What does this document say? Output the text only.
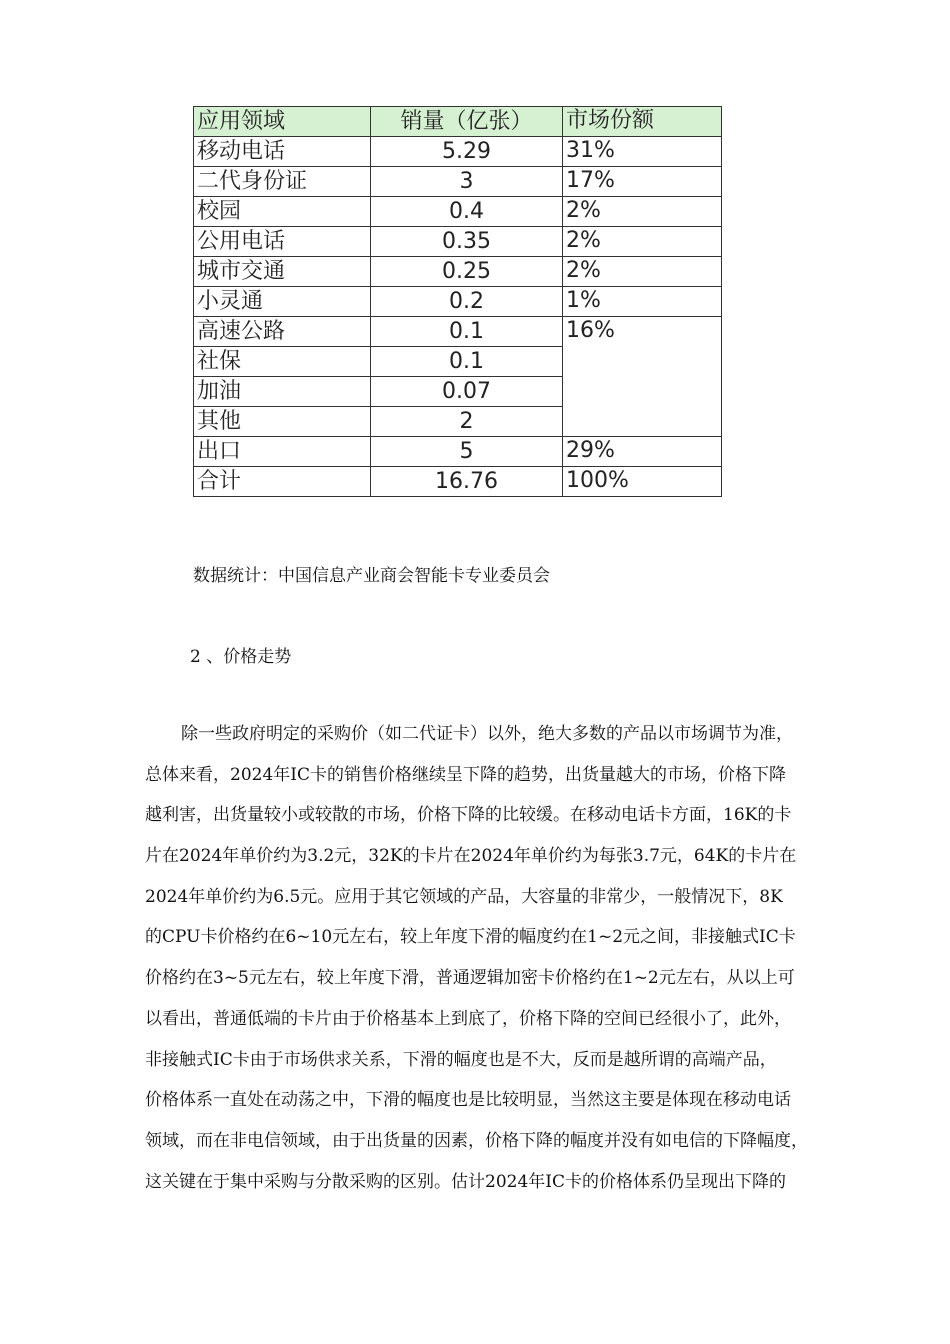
应用领域	销量（亿张）	市场份额
移动电话	5.29	31%
二代身份证	3	17%
校园	0.4	2%
公用电话	0.35	2%
城市交通	0.25	2%
小灵通	0.2	1%
高速公路	0.1	16%
社保	0.1	
加油	0.07	
其他	2	
出口	5	29%
合计	16.76	100%
数据统计：中国信息产业商会智能卡专业委员会
2 、价格走势
除一些政府明定的采购价（如二代证卡）以外，绝大多数的产品以市场调节为准，
总体来看，2024年IC卡的销售价格继续呈下降的趋势，出货量越大的市场，价格下降
越利害，出货量较小或较散的市场，价格下降的比较缓。在移动电话卡方面，16K的卡
片在2024年单价约为3.2元，32K的卡片在2024年单价约为每张3.7元，64K的卡片在
2024年单价约为6.5元。应用于其它领域的产品，大容量的非常少，一般情况下，8K
的CPU卡价格约在6~10元左右，较上年度下滑的幅度约在1~2元之间，非接触式IC卡
价格约在3~5元左右，较上年度下滑，普通逻辑加密卡价格约在1~2元左右，从以上可
以看出，普通低端的卡片由于价格基本上到底了，价格下降的空间已经很小了，此外，
非接触式IC卡由于市场供求关系，下滑的幅度也是不大，反而是越所谓的高端产品，
价格体系一直处在动荡之中，下滑的幅度也是比较明显，当然这主要是体现在移动电话
领域，而在非电信领域，由于出货量的因素，价格下降的幅度并没有如电信的下降幅度，
这关键在于集中采购与分散采购的区别。估计2024年IC卡的价格体系仍呈现出下降的
